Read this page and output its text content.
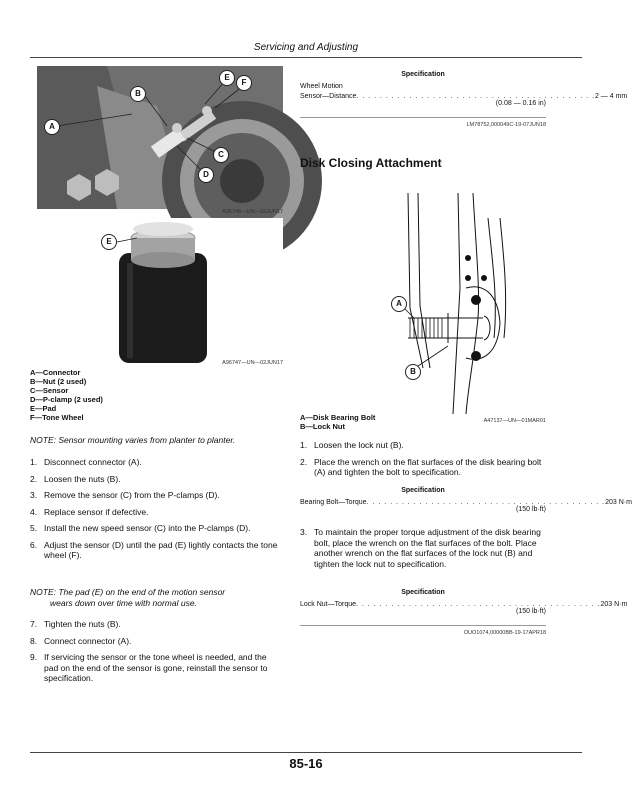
Servicing and Adjusting
85-16
A
B
C
D
E
F
A96746—UN—02JUN17
E
A96747—UN—02JUN17
A—Connector
B—Nut (2 used)
C—Sensor
D—P-clamp (2 used)
E—Pad
F—Tone Wheel
NOTE: Sensor mounting varies from planter to planter.
1. Disconnect connector (A).
2. Loosen the nuts (B).
3. Remove the sensor (C) from the P-clamps (D).
4. Replace sensor if defective.
5. Install the new speed sensor (C) into the P-clamps (D).
6. Adjust the sensor (D) until the pad (E) lightly contacts the tone wheel (F).
NOTE: The pad (E) on the end of the motion sensor
wears down over time with normal use.
7. Tighten the nuts (B).
8. Connect connector (A).
9. If servicing the sensor or the tone wheel is needed, and the pad on the end of the sensor is gone, reinstall the sensor to specification.
Specification
Wheel Motion
Sensor—Distance . . . . . . . . . . . . . . . . . . . . . . . . . . . . . . . . . . . . . . . . . 2 — 4 mm
(0.08 — 0.16 in)
LM78752,000049C-19-07JUN18
Disk Closing Attachment
A
B
A47137—UN—01MAR01
A—Disk Bearing Bolt
B—Lock Nut
1. Loosen the lock nut (B).
2. Place the wrench on the flat surfaces of the disk bearing bolt (A) and tighten the bolt to specification.
Specification
Bearing Bolt—Torque . . . . . . . . . . . . . . . . . . . . . . . . . . . . . . . . . . . . . . . . . 203 N·m
(150 lb·ft)
3. To maintain the proper torque adjustment of the disk bearing bolt, place the wrench on the flat surfaces of the bolt. Place another wrench on the flat surfaces of the lock nut (B) and tighten the lock nut to specification.
Specification
Lock Nut—Torque . . . . . . . . . . . . . . . . . . . . . . . . . . . . . . . . . . . . . . . . . . 203 N·m
(150 lb·ft)
OUO1074,00000BB-19-17APR18
